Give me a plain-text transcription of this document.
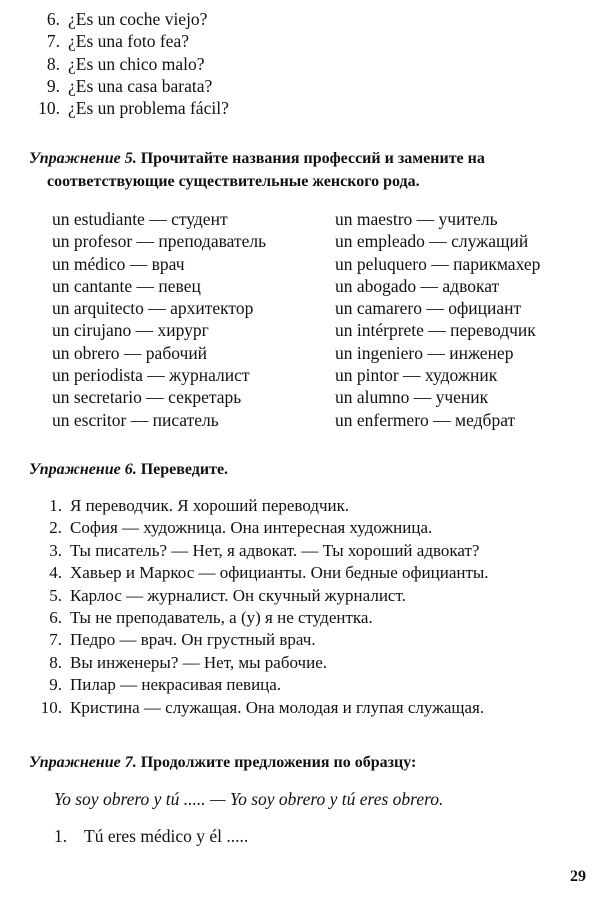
6. ¿Es un coche viejo?
7. ¿Es una foto fea?
8. ¿Es un chico malo?
9. ¿Es una casa barata?
10. ¿Es un problema fácil?
Упражнение 5. Прочитайте названия профессий и замените на
соответствующие существительные женского рода.
un estudiante — студент
un profesor — преподаватель
un médico — врач
un cantante — певец
un arquitecto — архитектор
un cirujano — хирург
un obrero — рабочий
un periodista — журналист
un secretario — секретарь
un escritor — писатель
un maestro — учитель
un empleado — служащий
un peluquero — парикмахер
un abogado — адвокат
un camarero — официант
un intérprete — переводчик
un ingeniero — инженер
un pintor — художник
un alumno — ученик
un enfermero — медбрат
Упражнение 6. Переведите.
1. Я переводчик. Я хороший переводчик.
2. София — художница. Она интересная художница.
3. Ты писатель? — Нет, я адвокат. — Ты хороший адвокат?
4. Хавьер и Маркос — официанты. Они бедные официанты.
5. Карлос — журналист. Он скучный журналист.
6. Ты не преподаватель, а (у) я не студентка.
7. Педро — врач. Он грустный врач.
8. Вы инженеры? — Нет, мы рабочие.
9. Пилар — некрасивая певица.
10. Кристина — служащая. Она молодая и глупая служащая.
Упражнение 7. Продолжите предложения по образцу:
Yo soy obrero y tú ..... — Yo soy obrero y tú eres obrero.
1. Tú eres médico y él .....
29
